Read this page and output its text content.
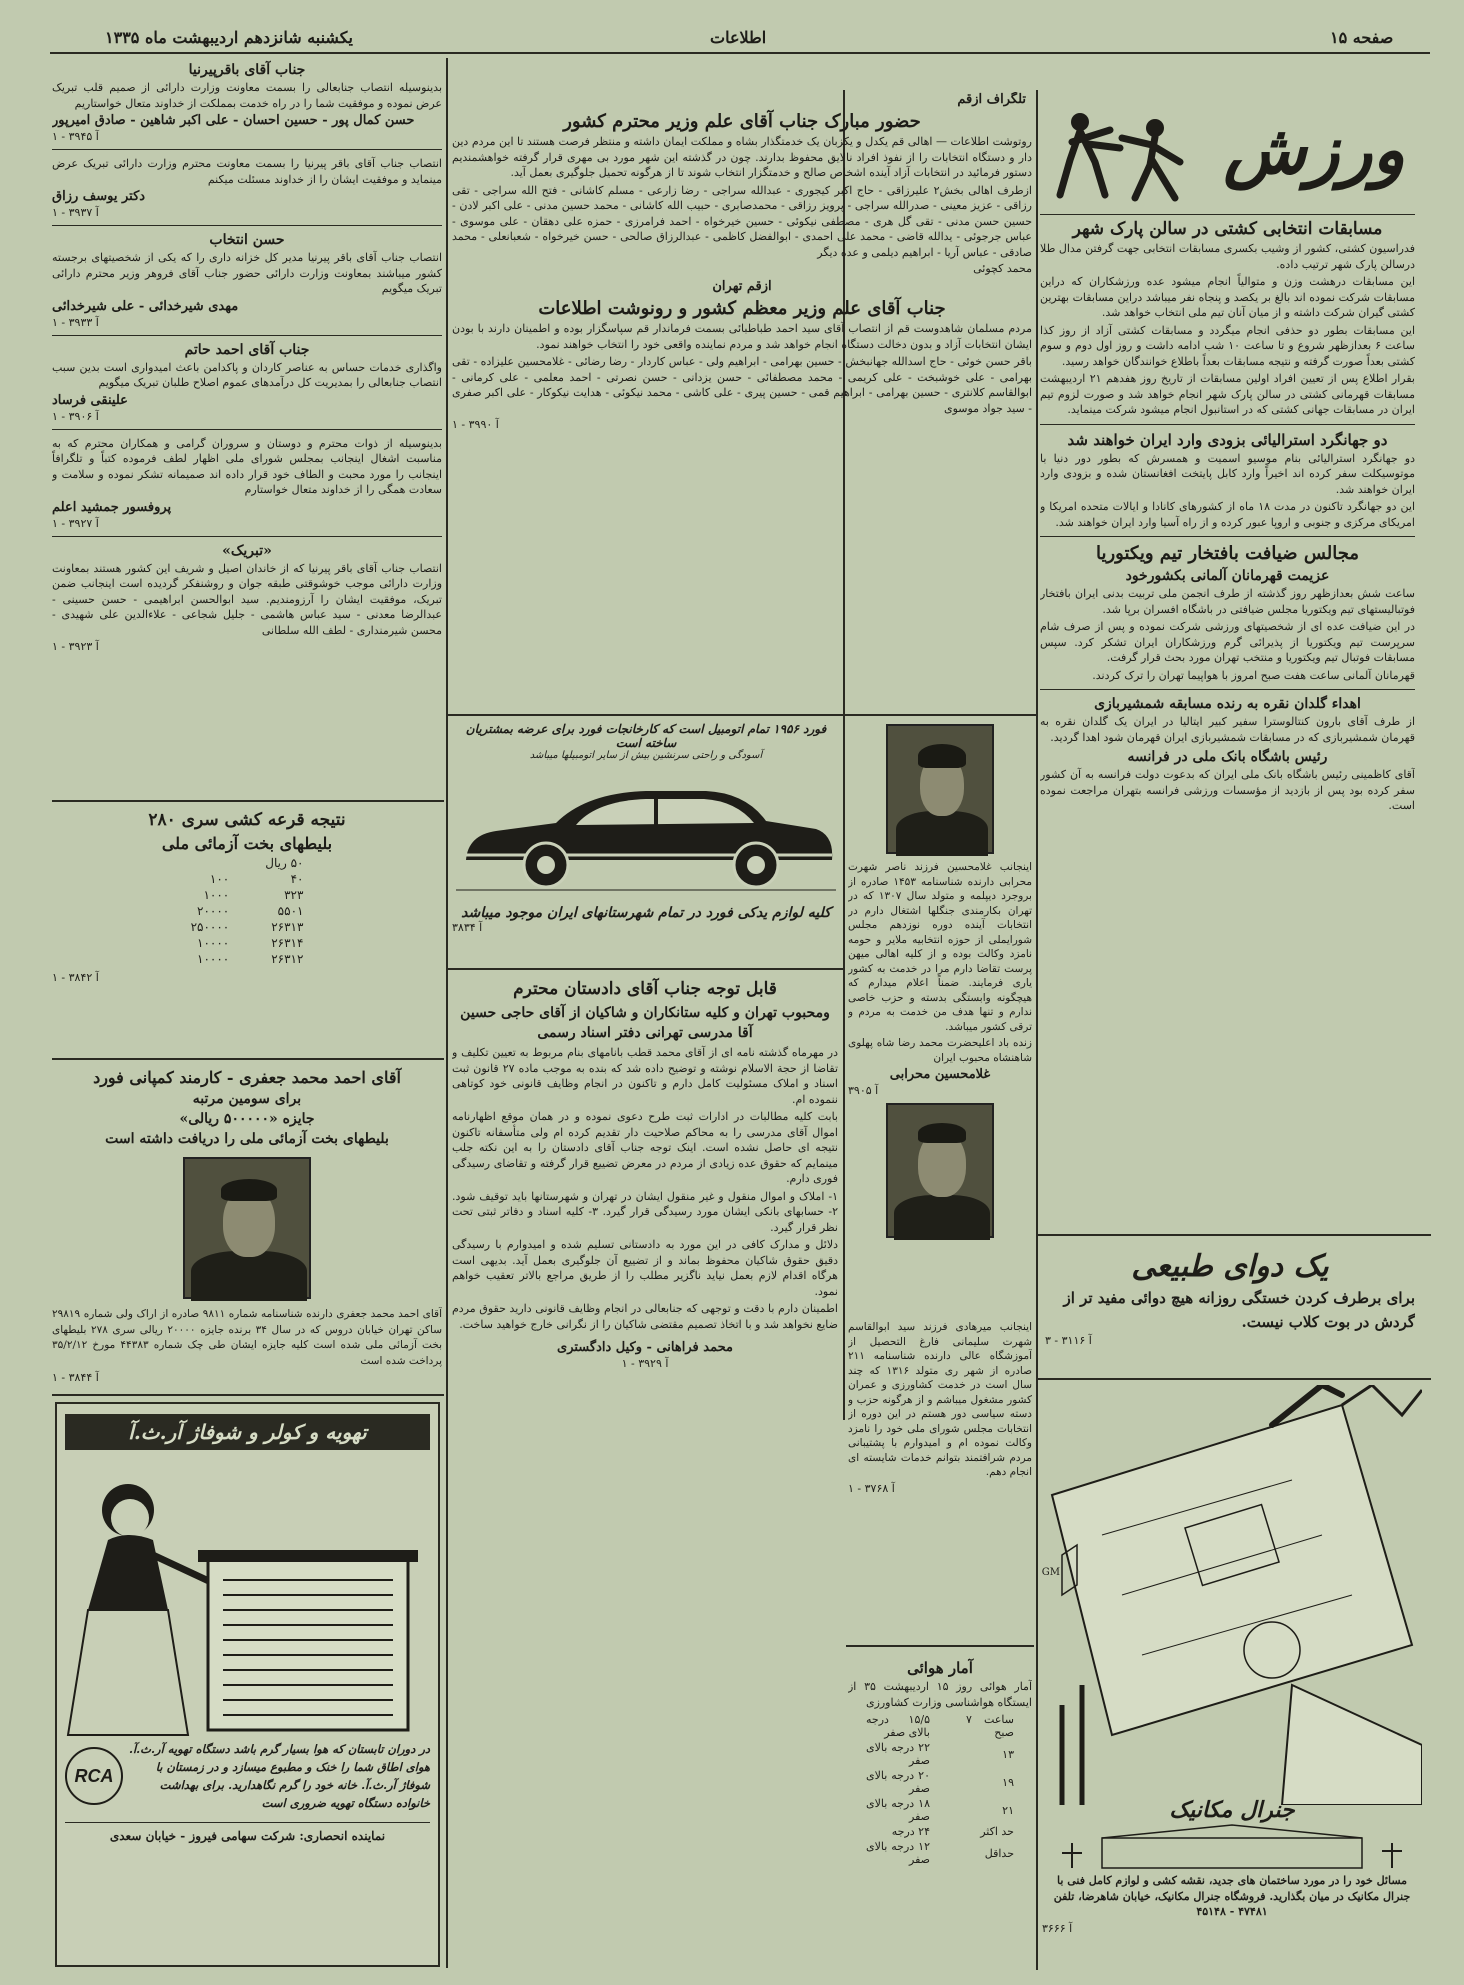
یکشنبه شانزدهم اردیبهشت ماه ۱۳۳۵	اطلاعات	صفحه ۱۵
ورزش
مسابقات انتخابی کشتی در سالن پارک شهر
فدراسیون کشتی، کشور از وشیب بکسری مسابقات انتخابی جهت گرفتن مدال طلا درسالن پارک شهر ترتیب داده.
این مسابقات درهشت وزن و متوالیاً انجام میشود عده ورزشکاران که دراین مسابقات شرکت نموده اند بالغ بر یکصد و پنجاه نفر میباشد دراین مسابقات بهترین کشتی گیران شرکت داشته و از میان آنان تیم ملی انتخاب خواهد شد.
این مسابقات بطور دو حذفی انجام میگردد و مسابقات کشتی آزاد از روز کذا ساعت ۶ بعدازظهر شروع و تا ساعت ۱۰ شب ادامه داشت و روز اول دوم و سوم کشتی بعداً صورت گرفته و نتیجه مسابقات بعداً باطلاع خوانندگان خواهد رسید.
بقرار اطلاع پس از تعیین افراد اولین مسابقات از تاریخ روز هفدهم ۲۱ اردیبهشت مسابقات قهرمانی کشتی در سالن پارک شهر انجام خواهد شد و صورت لزوم تیم ایران در مسابقات جهانی کشتی که در استانبول انجام میشود شرکت مینماید.
دو جهانگرد استرالیائی بزودی وارد ایران خواهند شد
دو جهانگرد استرالیائی بنام موسیو اسمیت و همسرش که بطور دور دنیا با موتوسیکلت سفر کرده اند اخیراً وارد کابل پایتخت افغانستان شده و بزودی وارد ایران خواهند شد.
این دو جهانگرد تاکنون در مدت ۱۸ ماه از کشورهای کانادا و ایالات متحده امریکا و امریکای مرکزی و جنوبی و اروپا عبور کرده و از راه آسیا وارد ایران خواهند شد.
مجالس ضیافت بافتخار تیم ویکتوریا
عزیمت قهرمانان آلمانی بکشورخود
ساعت شش بعدازظهر روز گذشته از طرف انجمن ملی تربیت بدنی ایران بافتخار فوتبالیستهای تیم ویکتوریا مجلس ضیافتی در باشگاه افسران برپا شد.
در این ضیافت عده ای از شخصیتهای ورزشی شرکت نموده و پس از صرف شام سرپرست تیم ویکتوریا از پذیرائی گرم ورزشکاران ایران تشکر کرد. سپس مسابقات فوتبال تیم ویکتوریا و منتخب تهران مورد بحث قرار گرفت.
قهرمانان آلمانی ساعت هفت صبح امروز با هواپیما تهران را ترک کردند.
اهداء گلدان نقره به رنده مسابقه شمشیربازی
از طرف آقای بارون کنتالوسترا سفیر کبیر ایتالیا در ایران یک گلدان نقره به قهرمان شمشیربازی که در مسابقات شمشیربازی ایران قهرمان شود اهدا گردید.
رئیس باشگاه بانک ملی در فرانسه
آقای کاظمینی رئیس باشگاه بانک ملی ایران که بدعوت دولت فرانسه به آن کشور سفر کرده بود پس از بازدید از مؤسسات ورزشی فرانسه بتهران مراجعت نموده است.
یک دوای طبیعی
برای برطرف کردن خستگی روزانه هیچ دوائی مفید تر از گردش در بوت کلاب نیست.
آ ۳۱۱۶ - ۳
GM
جنرال مکانیک
مسائل خود را در مورد ساختمان های جدید، نقشه کشی و لوازم کامل فنی با جنرال مکانیک در میان بگذارید. فروشگاه جنرال مکانیک، خیابان شاهرضا، تلفن ۴۷۴۸۱ - ۴۵۱۴۸
آ ۳۶۶۶
تلگراف ازقم
حضور مبارک جناب آقای علم وزیر محترم کشور
روتوشت اطلاعات — اهالی قم یکدل و یکزبان یک خدمتگذار بشاه و مملکت ایمان داشته و منتظر فرصت هستند تا این مردم دین دار و دستگاه انتخابات را از نفوذ افراد نالایق محفوظ بدارند. چون در گذشته این شهر مورد بی مهری قرار گرفته خواهشمندیم دستور فرمائید در انتخابات آزاد آینده اشخاص صالح و خدمتگزار انتخاب شوند تا از هرگونه تحمیل جلوگیری بعمل آید.
ازطرف اهالی بخش۲ علیرزاقی - حاج اکبر کیجوری - عبدالله سراجی - رضا زارعی - مسلم کاشانی - فتح الله سراجی - تقی رزاقی - عزیز معینی - صدرالله سراجی - پرویز رزاقی - محمدصابری - حبیب الله کاشانی - محمد حسین مدنی - علی اکبر لادن - حسین حسن مدنی - تقی گل هری - مصطفی نیکوئی - حسین خیرخواه - احمد فرامرزی - حمزه علی دهقان - علی موسوی - عباس جرجوئی - یدالله قاضی - محمد علی احمدی - ابوالفضل کاظمی - عبدالرزاق صالحی - حسن خیرخواه - شعبانعلی - محمد صادقی - عباس آریا - ابراهیم دیلمی و عده دیگر
محمد کچوئی
ازقم تهران
جناب آقای علم وزیر معظم کشور و رونوشت اطلاعات
مردم مسلمان شاهدوست قم از انتصاب آقای سید احمد طباطبائی بسمت فرماندار قم سپاسگزار بوده و اطمینان دارند با بودن ایشان انتخابات آزاد و بدون دخالت دستگاه انجام خواهد شد و مردم نماینده واقعی خود را انتخاب خواهند نمود.
باقر حسن خوئی - حاج اسدالله جهانبخش - حسین بهرامی - ابراهیم ولی - عباس کاردار - رضا رضائی - غلامحسین علیزاده - تقی بهرامی - علی خوشبخت - علی کریمی - محمد مصطفائی - حسن یزدانی - حسن نصرتی - احمد معلمی - علی کرمانی - ابوالقاسم کلانتری - حسین بهرامی - ابراهیم قمی - حسین پیری - علی کاشی - محمد نیکوئی - هدایت نیکوکار - علی اکبر صفری - سید جواد موسوی
آ ۳۹۹۰ - ۱
اینجانب غلامحسین فرزند ناصر شهرت محرابی دارنده شناسنامه ۱۴۵۳ صادره از بروجرد دیپلمه و متولد سال ۱۳۰۷ که در تهران بکارمندی جنگلها اشتغال دارم در انتخابات آینده دوره نوزدهم مجلس شورایملی از حوزه انتخابیه ملایر و حومه نامزد وکالت بوده و از کلیه اهالی میهن پرست تقاضا دارم مرا در خدمت به کشور یاری فرمایند. ضمناً اعلام میدارم که هیچگونه وابستگی بدسته و حزب خاصی ندارم و تنها هدف من خدمت به مردم و ترقی کشور میباشد.
زنده باد اعلیحضرت محمد رضا شاه پهلوی شاهنشاه محبوب ایران
غلامحسین محرابی
آ ۳۹۰۵
اینجانب میرهادی فرزند سید ابوالقاسم شهرت سلیمانی فارغ التحصیل از آموزشگاه عالی دارنده شناسنامه ۲۱۱ صادره از شهر ری متولد ۱۳۱۶ که چند سال است در خدمت کشاورزی و عمران کشور مشغول میباشم و از هرگونه حزب و دسته سیاسی دور هستم در این دوره از انتخابات مجلس شورای ملی خود را نامزد وکالت نموده ام و امیدوارم با پشتیبانی مردم شرافتمند بتوانم خدمات شایسته ای انجام دهم.
آ ۳۷۶۸ - ۱
آمار هوائی
آمار هوائی روز ۱۵ اردیبهشت ۳۵ از ایستگاه هواشناسی وزارت کشاورزی
ساعت ۷ صبح	۱۵/۵ درجه بالای صفر
۱۳	۲۲ درجه بالای صفر
۱۹	۲۰ درجه بالای صفر
۲۱	۱۸ درجه بالای صفر
حد اکثر	۲۴ درجه
حداقل	۱۲ درجه بالای صفر
فورد ۱۹۵۶ تمام اتومبیل است که کارخانجات فورد برای عرضه بمشتریان ساخته است
آسودگی و راحتی سرنشین بیش از سایر اتومبیلها میباشد
کلیه لوازم یدکی فورد در تمام شهرستانهای ایران موجود میباشد
آ ۳۸۳۴
قابل توجه جناب آقای دادستان محترم
ومحبوب تهران و کلیه ستانکاران و شاکیان از آقای حاجی حسین آقا مدرسی تهرانی دفتر اسناد رسمی
در مهرماه گذشته نامه ای از آقای محمد قطب بانامهای بنام مربوط به تعیین تکلیف و تقاضا از حجة الاسلام نوشته و توضیح داده شد که بنده به موجب ماده ۲۷ قانون ثبت اسناد و املاک مسئولیت کامل دارم و تاکنون در انجام وظایف قانونی خود کوتاهی ننموده ام.
بابت کلیه مطالبات در ادارات ثبت طرح دعوی نموده و در همان موقع اظهارنامه اموال آقای مدرسی را به محاکم صلاحیت دار تقدیم کرده ام ولی متأسفانه تاکنون نتیجه ای حاصل نشده است. اینک توجه جناب آقای دادستان را به این نکته جلب مینمایم که حقوق عده زیادی از مردم در معرض تضییع قرار گرفته و تقاضای رسیدگی فوری دارم.
۱- املاک و اموال منقول و غیر منقول ایشان در تهران و شهرستانها باید توقیف شود. ۲- حسابهای بانکی ایشان مورد رسیدگی قرار گیرد. ۳- کلیه اسناد و دفاتر ثبتی تحت نظر قرار گیرد.
دلائل و مدارک کافی در این مورد به دادستانی تسلیم شده و امیدوارم با رسیدگی دقیق حقوق شاکیان محفوظ بماند و از تضییع آن جلوگیری بعمل آید. بدیهی است هرگاه اقدام لازم بعمل نیاید ناگزیر مطلب را از طریق مراجع بالاتر تعقیب خواهم نمود.
اطمینان دارم با دقت و توجهی که جنابعالی در انجام وظایف قانونی دارید حقوق مردم ضایع نخواهد شد و با اتخاذ تصمیم مقتضی شاکیان را از نگرانی خارج خواهید ساخت.
محمد فراهانی - وکیل دادگستری
آ ۳۹۲۹ - ۱
جناب آقای باقرپیرنیا
بدینوسیله انتصاب جنابعالی را بسمت معاونت وزارت دارائی از صمیم قلب تبریک عرض نموده و موفقیت شما را در راه خدمت بمملکت از خداوند متعال خواستاریم
حسن کمال پور - حسین احسان - علی اکبر شاهین - صادق امیرپور
آ ۳۹۴۵ - ۱
انتصاب جناب آقای باقر پیرنیا را بسمت معاونت محترم وزارت دارائی تبریک عرض مینماید و موفقیت ایشان را از خداوند مسئلت میکنم
دکتر یوسف رزاق
آ ۳۹۳۷ - ۱
حسن انتخاب
انتصاب جناب آقای باقر پیرنیا مدیر کل خزانه داری را که یکی از شخصیتهای برجسته کشور میباشند بمعاونت وزارت دارائی حضور جناب آقای فروهر وزیر محترم دارائی تبریک میگویم
مهدی شیرخدائی - علی شیرخدائی
آ ۳۹۳۳ - ۱
جناب آقای احمد حاتم
واگذاری خدمات حساس به عناصر کاردان و پاکدامن باعث امیدواری است بدین سبب انتصاب جنابعالی را بمدیریت کل درآمدهای عموم اصلاح طلبان تبریک میگویم
علینقی فرساد
آ ۳۹۰۶ - ۱
بدینوسیله از ذوات محترم و دوستان و سروران گرامی و همکاران محترم که به مناسبت اشغال اینجانب بمجلس شورای ملی اظهار لطف فرموده کتباً و تلگرافاً اینجانب را مورد محبت و الطاف خود قرار داده اند صمیمانه تشکر نموده و سلامت و سعادت همگی را از خداوند متعال خواستارم
پروفسور جمشید اعلم
آ ۳۹۲۷ - ۱
«تبریک»
انتصاب جناب آقای باقر پیرنیا که از خاندان اصیل و شریف این کشور هستند بمعاونت وزارت دارائی موجب خوشوقتی طبقه جوان و روشنفکر گردیده است اینجانب ضمن تبریک، موفقیت ایشان را آرزومندیم. سید ابوالحسن ابراهیمی - حسن حسینی - عبدالرضا معدنی - سید عباس هاشمی - جلیل شجاعی - علاءالدین علی شهیدی - محسن شیرمنداری - لطف الله سلطانی
آ ۳۹۲۳ - ۱
نتیجه قرعه کشی سری ۲۸۰
بلیطهای بخت آزمائی ملی
۵۰ ریال	
۴۰	۱۰۰
۳۲۳	۱۰۰۰
۵۵۰۱	۲۰۰۰۰
۲۶۳۱۳	۲۵۰۰۰۰
۲۶۳۱۴	۱۰۰۰۰
۲۶۳۱۲	۱۰۰۰۰
آ ۳۸۴۲ - ۱
آقای احمد محمد جعفری - کارمند کمپانی فورد
برای سومین مرتبه
جایزه «۵۰۰۰۰۰ ریالی»
بلیطهای بخت آزمائی ملی را دریافت داشته است
آقای احمد محمد جعفری دارنده شناسنامه شماره ۹۸۱۱ صادره از اراک ولی شماره ۲۹۸۱۹ ساکن تهران خیابان دروس که در سال ۳۴ برنده جایزه ۲۰۰۰۰ ریالی سری ۲۷۸ بلیطهای بخت آزمائی ملی شده است کلیه جایزه ایشان طی چک شماره ۴۴۳۸۳ مورخ ۳۵/۲/۱۲ پرداخت شده است
آ ۳۸۴۴ - ۱
تهویه و کولر و شوفاژ آر.ث.آ
در دوران تابستان که هوا بسیار گرم باشد دستگاه تهویه آر.ث.آ. هوای اطاق شما را خنک و مطبوع میسازد و در زمستان با شوفاژ آر.ث.آ. خانه خود را گرم نگاهدارید. برای بهداشت خانواده دستگاه تهویه ضروری است
RCA
نماینده انحصاری: شرکت سهامی فیروز - خیابان سعدی
